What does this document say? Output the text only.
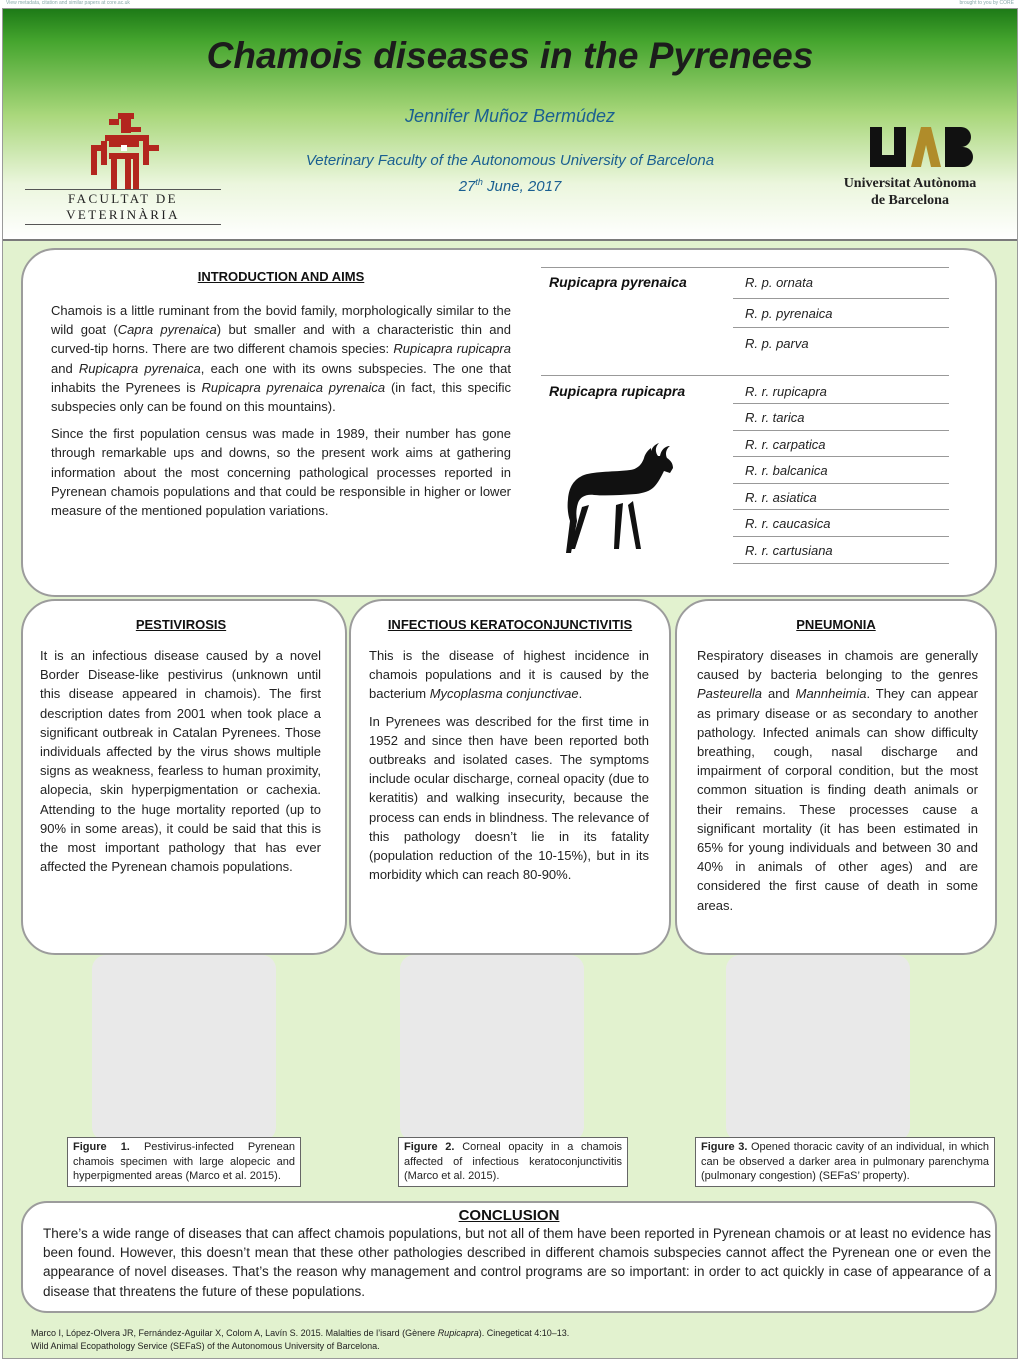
View metadata, citation and similar papers at core.ac.uk	brought to you by CORE
Chamois diseases in the Pyrenees
Jennifer Muñoz Bermúdez
Veterinary Faculty of the Autonomous University of Barcelona
27th June, 2017
FACULTAT DE VETERINÀRIA
UAB
Universitat Autònoma
de Barcelona
INTRODUCTION AND AIMS

Chamois is a little ruminant from the bovid family, morphologically similar to the wild goat (Capra pyrenaica) but smaller and with a characteristic thin and curved-tip horns. There are two different chamois species: Rupicapra rupicapra and Rupicapra pyrenaica, each one with its owns subspecies. The one that inhabits the Pyrenees is Rupicapra pyrenaica pyrenaica (in fact, this specific subspecies only can be found on this mountains).

Since the first population census was made in 1989, their number has gone through remarkable ups and downs, so the present work aims at gathering information about the most concerning pathological processes reported in Pyrenean chamois populations and that could be responsible in higher or lower measure of the mentioned population variations.

Rupicapra pyrenaica	R. p. ornata
R. p. pyrenaica
R. p. parva
Rupicapra rupicapra	R. r. rupicapra
R. r. tarica
R. r. carpatica
R. r. balcanica
R. r. asiatica
R. r. caucasica
R. r. cartusiana
PESTIVIROSIS
It is an infectious disease caused by a novel Border Disease-like pestivirus (unknown until this disease appeared in chamois). The first description dates from 2001 when took place a significant outbreak in Catalan Pyrenees. Those individuals affected by the virus shows multiple signs as weakness, fearless to human proximity, alopecia, skin hyperpigmentation or cachexia. Attending to the huge mortality reported (up to 90% in some areas), it could be said that this is the most important pathology that has ever affected the Pyrenean chamois populations.
INFECTIOUS KERATOCONJUNCTIVITIS

This is the disease of highest incidence in chamois populations and it is caused by the bacterium Mycoplasma conjunctivae.

In Pyrenees was described for the first time in 1952 and since then have been reported both outbreaks and isolated cases. The symptoms include ocular discharge, corneal opacity (due to keratitis) and walking insecurity, because the process can ends in blindness. The relevance of this pathology doesn’t lie in its fatality (population reduction of the 10-15%), but in its morbidity which can reach 80-90%.

PNEUMONIA
Respiratory diseases in chamois are generally caused by bacteria belonging to the genres Pasteurella and Mannheimia. They can appear as primary disease or as secondary to another pathology. Infected animals can show difficulty breathing, cough, nasal discharge and impairment of corporal condition, but the most common situation is finding death animals or their remains. These processes cause a significant mortality (it has been estimated in 65% for young individuals and between 30 and 40% in animals of other ages) and are considered the first cause of death in some areas.
Figure 1. Pestivirus-infected Pyrenean chamois specimen with large alopecic and hyperpigmented areas (Marco et al. 2015).
Figure 2. Corneal opacity in a chamois affected of infectious keratoconjunctivitis (Marco et al. 2015).
Figure 3. Opened thoracic cavity of an individual, in which can be observed a darker area in pulmonary parenchyma (pulmonary congestion) (SEFaS’ property).
CONCLUSION
There’s a wide range of diseases that can affect chamois populations, but not all of them have been reported in Pyrenean chamois or at least no evidence has been found. However, this doesn’t mean that these other pathologies described in different chamois subspecies cannot affect the Pyrenean one or even the appearance of novel diseases. That’s the reason why management and control programs are so important: in order to act quickly in case of appearance of a disease that threatens the future of these populations.
Marco I, López-Olvera JR, Fernández-Aguilar X, Colom A, Lavín S. 2015. Malalties de l’isard (Gènere Rupicapra). Cinegeticat 4:10–13.
Wild Animal Ecopathology Service (SEFaS) of the Autonomous University of Barcelona.
